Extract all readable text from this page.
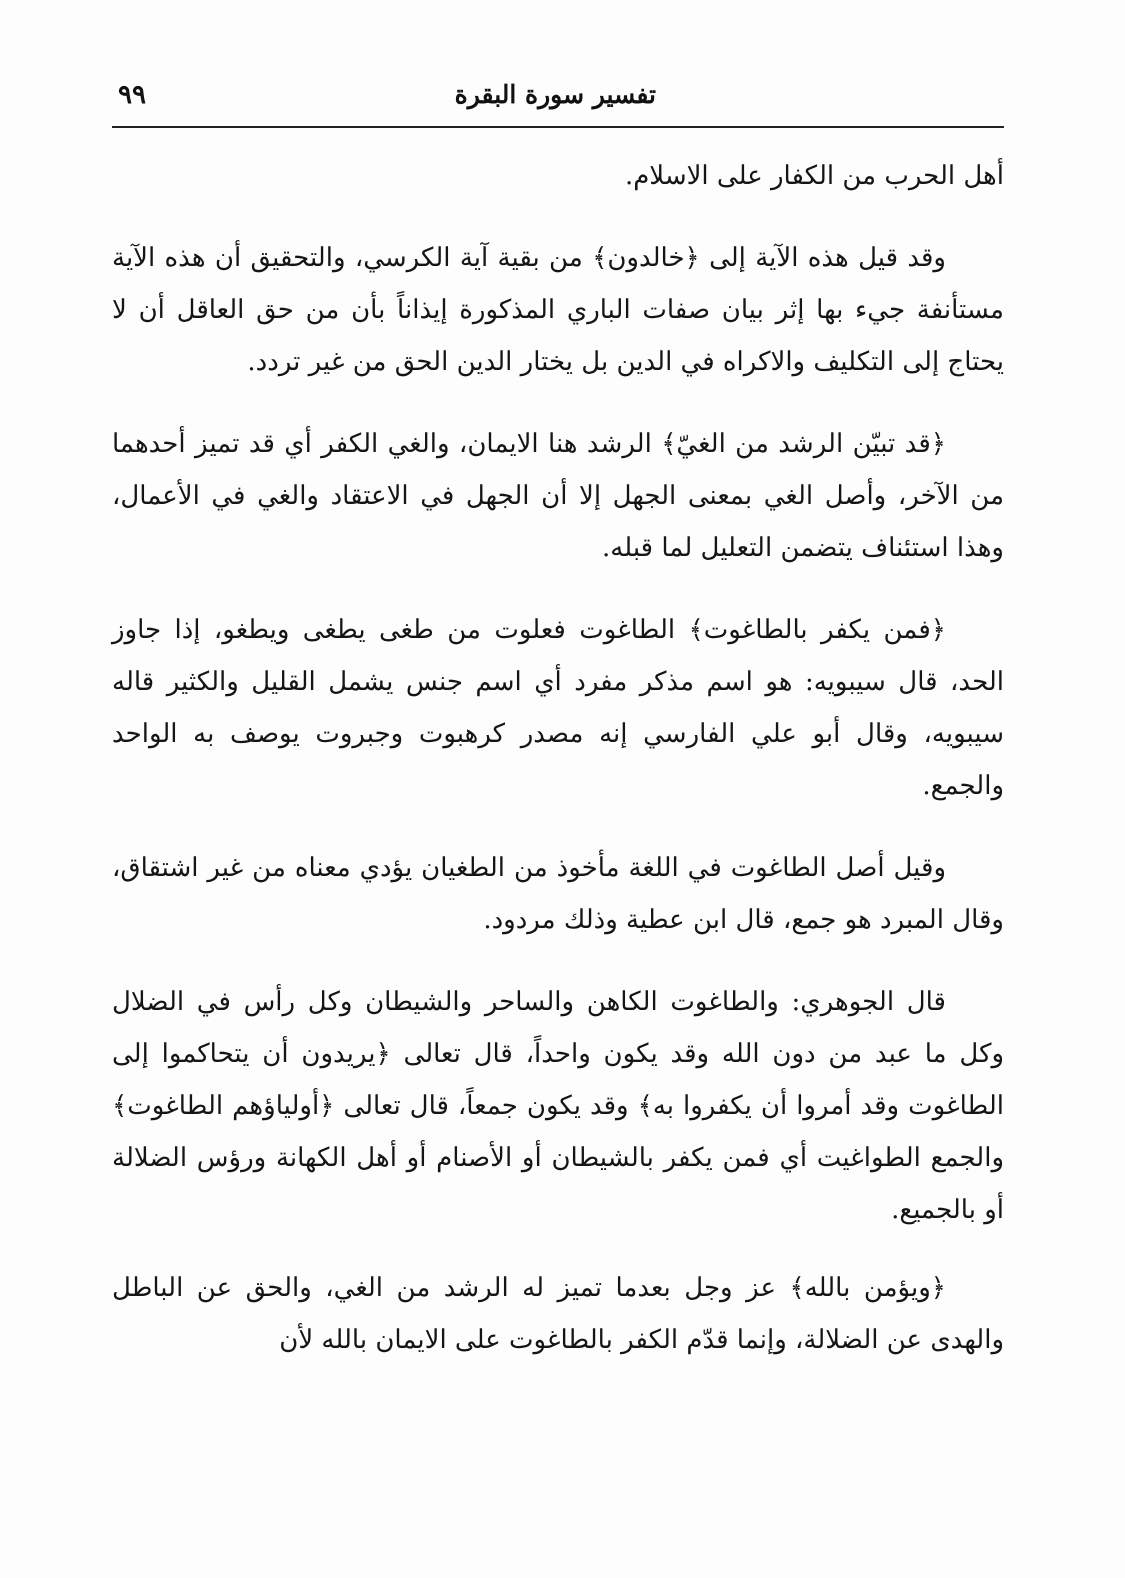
تفسير سورة البقرة
٩٩

أهل الحرب من الكفار على الاسلام.

وقد قيل هذه الآية إلى ﴿خالدون﴾ من بقية آية الكرسي، والتحقيق أن هذه الآية مستأنفة جيء بها إثر بيان صفات الباري المذكورة إيذاناً بأن من حق العاقل أن لا يحتاج إلى التكليف والاكراه في الدين بل يختار الدين الحق من غير تردد.

﴿قد تبيّن الرشد من الغيّ﴾ الرشد هنا الايمان، والغي الكفر أي قد تميز أحدهما من الآخر، وأصل الغي بمعنى الجهل إلا أن الجهل في الاعتقاد والغي في الأعمال، وهذا استئناف يتضمن التعليل لما قبله.

﴿فمن يكفر بالطاغوت﴾ الطاغوت فعلوت من طغى يطغى ويطغو، إذا جاوز الحد، قال سيبويه: هو اسم مذكر مفرد أي اسم جنس يشمل القليل والكثير قاله سيبويه، وقال أبو علي الفارسي إنه مصدر كرهبوت وجبروت يوصف به الواحد والجمع.

وقيل أصل الطاغوت في اللغة مأخوذ من الطغيان يؤدي معناه من غير اشتقاق، وقال المبرد هو جمع، قال ابن عطية وذلك مردود.

قال الجوهري: والطاغوت الكاهن والساحر والشيطان وكل رأس في الضلال وكل ما عبد من دون الله وقد يكون واحداً، قال تعالى ﴿يريدون أن يتحاكموا إلى الطاغوت وقد أمروا أن يكفروا به﴾ وقد يكون جمعاً، قال تعالى ﴿أولياؤهم الطاغوت﴾ والجمع الطواغيت أي فمن يكفر بالشيطان أو الأصنام أو أهل الكهانة ورؤس الضلالة أو بالجميع.

﴿ويؤمن بالله﴾ عز وجل بعدما تميز له الرشد من الغي، والحق عن الباطل والهدى عن الضلالة، وإنما قدّم الكفر بالطاغوت على الايمان بالله لأن
